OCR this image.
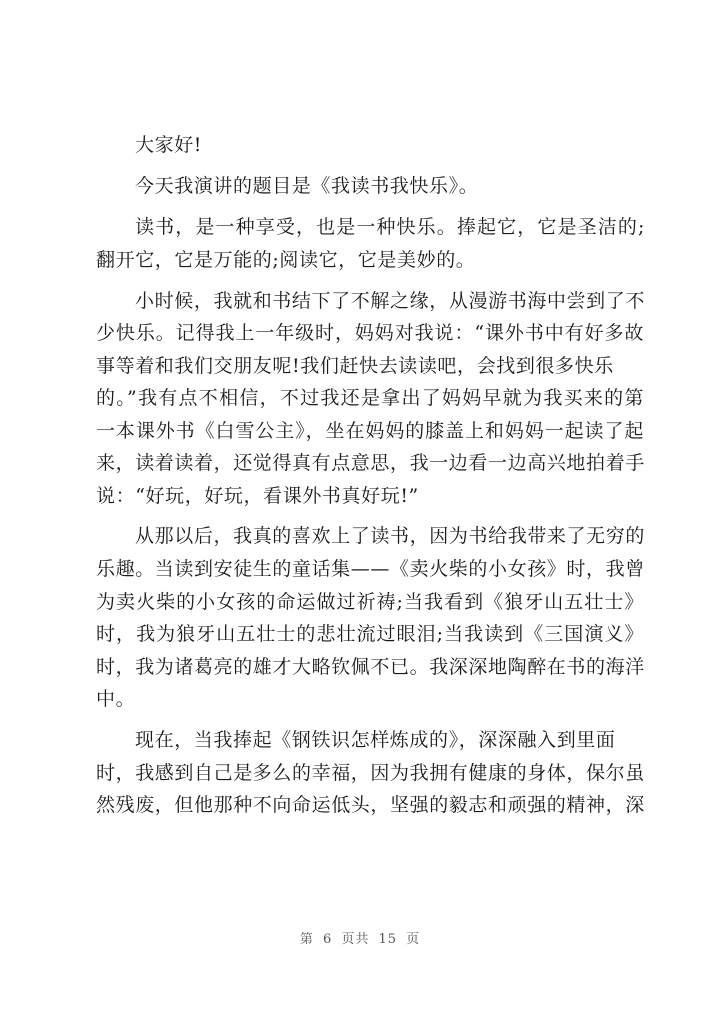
大家好!
今天我演讲的题目是《我读书我快乐》。
读书，是一种享受，也是一种快乐。捧起它，它是圣洁的;
翻开它，它是万能的;阅读它，它是美妙的。
小时候，我就和书结下了不解之缘，从漫游书海中尝到了不
少快乐。记得我上一年级时，妈妈对我说：“课外书中有好多故
事等着和我们交朋友呢!我们赶快去读读吧，会找到很多快乐
的。”我有点不相信，不过我还是拿出了妈妈早就为我买来的第
一本课外书《白雪公主》，坐在妈妈的膝盖上和妈妈一起读了起
来，读着读着，还觉得真有点意思，我一边看一边高兴地拍着手
说：“好玩，好玩，看课外书真好玩!”
从那以后，我真的喜欢上了读书，因为书给我带来了无穷的
乐趣。当读到安徒生的童话集——《卖火柴的小女孩》时，我曾
为卖火柴的小女孩的命运做过祈祷;当我看到《狼牙山五壮士》
时，我为狼牙山五壮士的悲壮流过眼泪;当我读到《三国演义》
时，我为诸葛亮的雄才大略钦佩不已。我深深地陶醉在书的海洋
中。
现在，当我捧起《钢铁识怎样炼成的》，深深融入到里面
时，我感到自己是多么的幸福，因为我拥有健康的身体，保尔虽
然残废，但他那种不向命运低头，坚强的毅志和顽强的精神，深
第 6 页共 15 页
